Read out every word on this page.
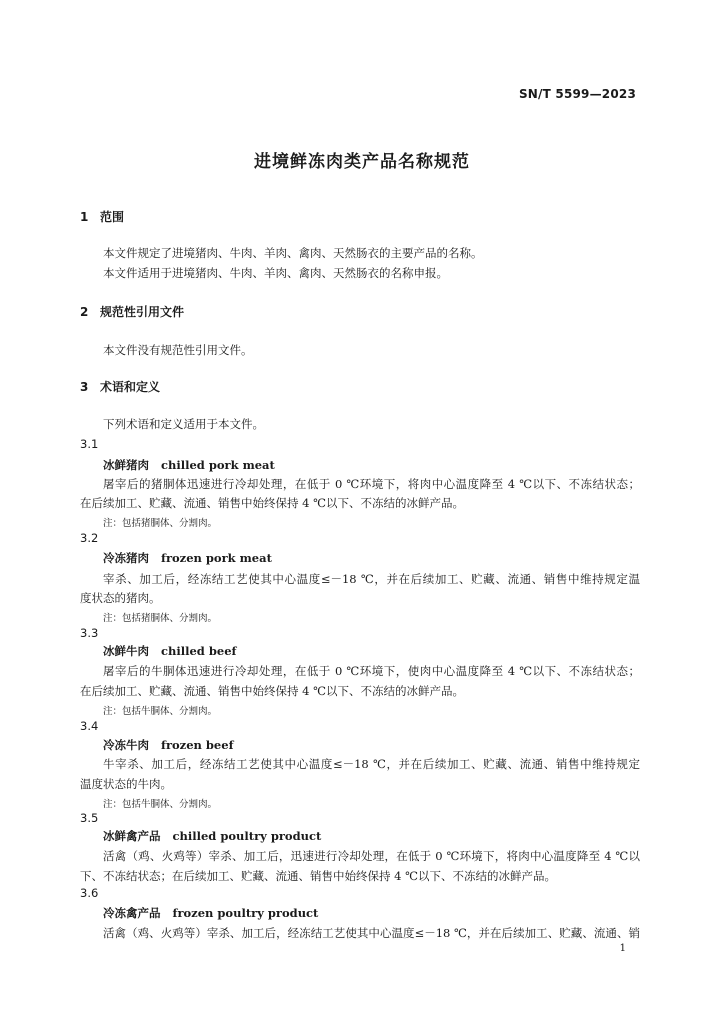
SN/T 5599—2023
进境鲜冻肉类产品名称规范
1 范围
本文件规定了进境猪肉、牛肉、羊肉、禽肉、天然肠衣的主要产品的名称。
本文件适用于进境猪肉、牛肉、羊肉、禽肉、天然肠衣的名称申报。
2 规范性引用文件
本文件没有规范性引用文件。
3 术语和定义
下列术语和定义适用于本文件。
3.1
冰鲜猪肉 chilled pork meat
屠宰后的猪胴体迅速进行冷却处理，在低于 0 ℃环境下，将肉中心温度降至 4 ℃以下、不冻结状态；
在后续加工、贮藏、流通、销售中始终保持 4 ℃以下、不冻结的冰鲜产品。
注：包括猪胴体、分割肉。
3.2
冷冻猪肉 frozen pork meat
宰杀、加工后，经冻结工艺使其中心温度≤－18 ℃，并在后续加工、贮藏、流通、销售中维持规定温
度状态的猪肉。
注：包括猪胴体、分割肉。
3.3
冰鲜牛肉 chilled beef
屠宰后的牛胴体迅速进行冷却处理，在低于 0 ℃环境下，使肉中心温度降至 4 ℃以下、不冻结状态；
在后续加工、贮藏、流通、销售中始终保持 4 ℃以下、不冻结的冰鲜产品。
注：包括牛胴体、分割肉。
3.4
冷冻牛肉 frozen beef
牛宰杀、加工后，经冻结工艺使其中心温度≤－18 ℃，并在后续加工、贮藏、流通、销售中维持规定
温度状态的牛肉。
注：包括牛胴体、分割肉。
3.5
冰鲜禽产品 chilled poultry product
活禽（鸡、火鸡等）宰杀、加工后，迅速进行冷却处理，在低于 0 ℃环境下，将肉中心温度降至 4 ℃以
下、不冻结状态；在后续加工、贮藏、流通、销售中始终保持 4 ℃以下、不冻结的冰鲜产品。
3.6
冷冻禽产品 frozen poultry product
活禽（鸡、火鸡等）宰杀、加工后，经冻结工艺使其中心温度≤－18 ℃，并在后续加工、贮藏、流通、销
1
